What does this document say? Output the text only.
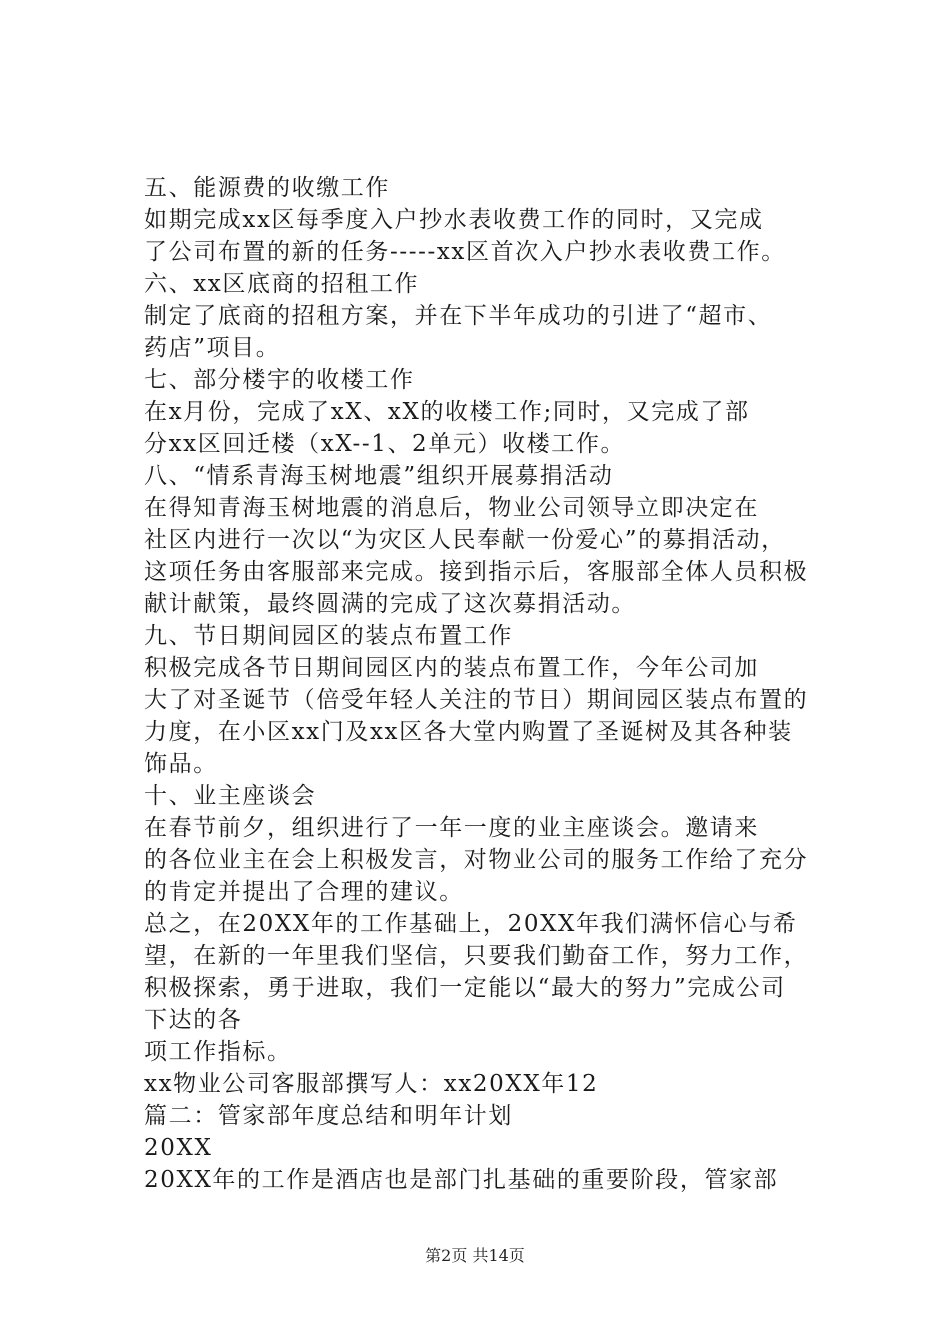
五、能源费的收缴工作
如期完成xx区每季度入户抄水表收费工作的同时，又完成
了公司布置的新的任务-----xx区首次入户抄水表收费工作。
六、xx区底商的招租工作
制定了底商的招租方案，并在下半年成功的引进了“超市、
药店”项目。
七、部分楼宇的收楼工作
在x月份，完成了xX、xX的收楼工作;同时，又完成了部
分xx区回迁楼（xX--1、2单元）收楼工作。
八、“情系青海玉树地震”组织开展募捐活动
在得知青海玉树地震的消息后，物业公司领导立即决定在
社区内进行一次以“为灾区人民奉献一份爱心”的募捐活动，
这项任务由客服部来完成。接到指示后，客服部全体人员积极
献计献策，最终圆满的完成了这次募捐活动。
九、节日期间园区的装点布置工作
积极完成各节日期间园区内的装点布置工作，今年公司加
大了对圣诞节（倍受年轻人关注的节日）期间园区装点布置的
力度，在小区xx门及xx区各大堂内购置了圣诞树及其各种装
饰品。
十、业主座谈会
在春节前夕，组织进行了一年一度的业主座谈会。邀请来
的各位业主在会上积极发言，对物业公司的服务工作给了充分
的肯定并提出了合理的建议。
总之，在20XX年的工作基础上，20XX年我们满怀信心与希
望，在新的一年里我们坚信，只要我们勤奋工作，努力工作，
积极探索，勇于进取，我们一定能以“最大的努力”完成公司
下达的各
项工作指标。
xx物业公司客服部撰写人：xx20XX年12
篇二：管家部年度总结和明年计划
20XX
20XX年的工作是酒店也是部门扎基础的重要阶段，管家部
第2页 共14页
